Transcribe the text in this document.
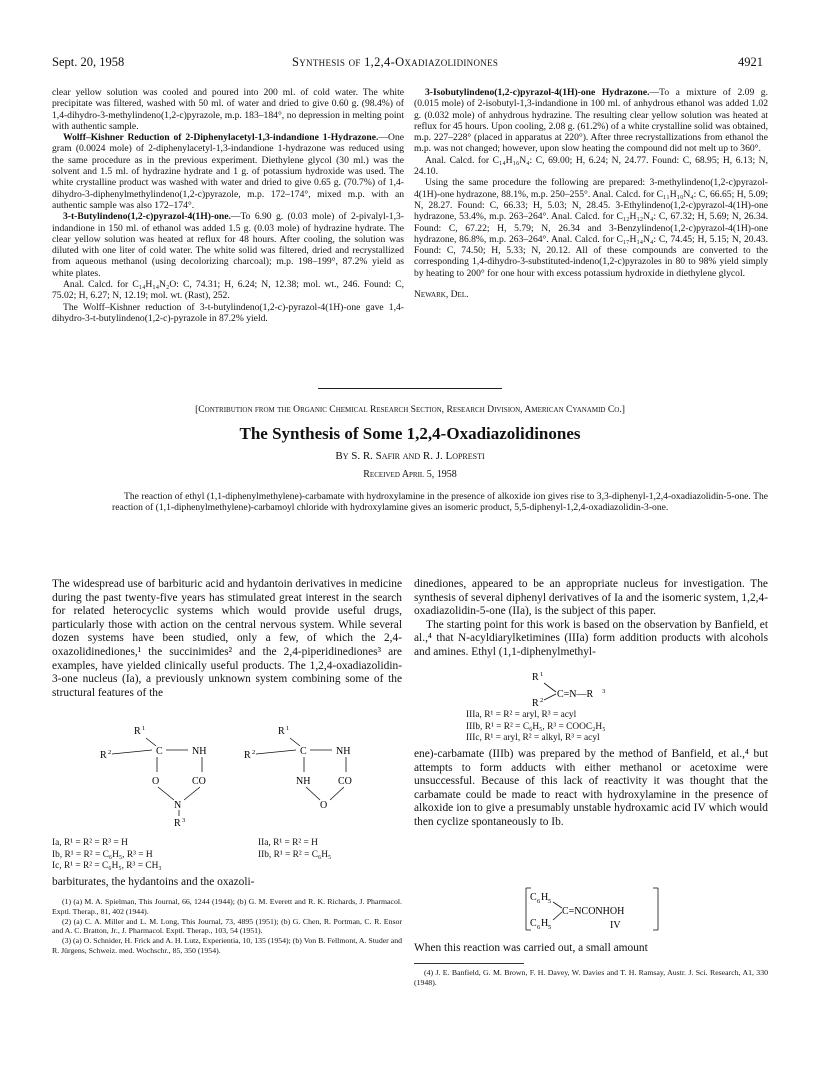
Sept. 20, 1958	Synthesis of 1,2,4-Oxadiazolidinones	4921

clear yellow solution was cooled and poured into 200 ml. of cold water. The white precipitate was filtered, washed with 50 ml. of water and dried to give 0.60 g. (98.4%) of 1,4-dihydro-3-methylindeno(1,2-c)pyrazole, m.p. 183–184°, no depression in melting point with authentic sample.

Wolff–Kishner Reduction of 2-Diphenylacetyl-1,3-indandione 1-Hydrazone.—One gram (0.0024 mole) of 2-diphenylacetyl-1,3-indandione 1-hydrazone was reduced using the same procedure as in the previous experiment. Diethylene glycol (30 ml.) was the solvent and 1.5 ml. of hydrazine hydrate and 1 g. of potassium hydroxide was used. The white crystalline product was washed with water and dried to give 0.65 g. (70.7%) of 1,4-dihydro-3-diphenylmethylindeno(1,2-c)pyrazole, m.p. 172–174°, mixed m.p. with an authentic sample was also 172–174°.

3-t-Butylindeno(1,2-c)pyrazol-4(1H)-one.—To 6.90 g. (0.03 mole) of 2-pivalyl-1,3-indandione in 150 ml. of ethanol was added 1.5 g. (0.03 mole) of hydrazine hydrate. The clear yellow solution was heated at reflux for 48 hours. After cooling, the solution was diluted with one liter of cold water. The white solid was filtered, dried and recrystallized from aqueous methanol (using decolorizing charcoal); m.p. 198–199°, 87.2% yield as white plates.

Anal. Calcd. for C₁₄H₁₄N₂O: C, 74.31; H, 6.24; N, 12.38; mol. wt., 246. Found: C, 75.02; H, 6.27; N, 12.19; mol. wt. (Rast), 252.

The Wolff–Kishner reduction of 3-t-butylindeno(1,2-c)-pyrazol-4(1H)-one gave 1,4-dihydro-3-t-butylindeno(1,2-c)-pyrazole in 87.2% yield.

3-Isobutylindeno(1,2-c)pyrazol-4(1H)-one Hydrazone.—To a mixture of 2.09 g. (0.015 mole) of 2-isobutyl-1,3-indandione in 100 ml. of anhydrous ethanol was added 1.02 g. (0.032 mole) of anhydrous hydrazine. The resulting clear yellow solution was heated at reflux for 45 hours. Upon cooling, 2.08 g. (61.2%) of a white crystalline solid was obtained, m.p. 227–228° (placed in apparatus at 220°). After three recrystallizations from ethanol the m.p. was not changed; however, upon slow heating the compound did not melt up to 360°.

Anal. Calcd. for C₁₄H₁₆N₄: C, 69.00; H, 6.24; N, 24.77. Found: C, 68.95; H, 6.13; N, 24.10.

Using the same procedure the following are prepared: 3-methylindeno(1,2-c)pyrazol-4(1H)-one hydrazone, 88.1%, m.p. 250–255°. Anal. Calcd. for C₁₁H₁₀N₄: C, 66.65; H, 5.09; N, 28.27. Found: C, 66.33; H, 5.03; N, 28.45. 3-Ethylindeno(1,2-c)pyrazol-4(1H)-one hydrazone, 53.4%, m.p. 263–264°. Anal. Calcd. for C₁₂H₁₂N₄: C, 67.32; H, 5.69; N, 26.34. Found: C, 67.22; H, 5.79; N, 26.34 and 3-Benzylindeno(1,2-c)pyrazol-4(1H)-one hydrazone, 86.8%, m.p. 263–264°. Anal. Calcd. for C₁₇H₁₄N₄: C, 74.45; H, 5.15; N, 20.43. Found: C, 74.50; H, 5.33; N, 20.12. All of these compounds are converted to the corresponding 1,4-dihydro-3-substituted-indeno(1,2-c)pyrazoles in 80 to 98% yield simply by heating to 200° for one hour with excess potassium hydroxide in diethylene glycol.

Newark, Del.

[Contribution from the Organic Chemical Research Section, Research Division, American Cyanamid Co.]
The Synthesis of Some 1,2,4-Oxadiazolidinones
By S. R. Safir and R. J. Lopresti
Received April 5, 1958
The reaction of ethyl (1,1-diphenylmethylene)-carbamate with hydroxylamine in the presence of alkoxide ion gives rise to 3,3-diphenyl-1,2,4-oxadiazolidin-5-one. The reaction of (1,1-diphenylmethylene)-carbamoyl chloride with hydroxylamine gives an isomeric product, 5,5-diphenyl-1,2,4-oxadiazolidin-3-one.
The widespread use of barbituric acid and hydantoin derivatives in medicine during the past twenty-five years has stimulated great interest in the search for related heterocyclic systems which would provide useful drugs, particularly those with action on the central nervous system. While several dozen systems have been studied, only a few, of which the 2,4-oxazolidinediones,¹ the succinimides² and the 2,4-piperidinediones³ are examples, have yielded clinically useful products. The 1,2,4-oxadiazolidin-3-one nucleus (Ia), a previously unknown system combining some of the structural features of the
R 1
R 2	C	NH
O	CO
N
R 3
R 1
R 2	C	NH
NH	CO
O
Ia, R¹ = R² = R³ = H
Ib, R¹ = R² = C₆H₅, R³ = H
Ic, R¹ = R² = C₆H₅, R³ = CH₃
IIa, R¹ = R² = H
IIb, R¹ = R² = C₆H₅
barbiturates, the hydantoins and the oxazoli-

(1) (a) M. A. Spielman, This Journal, 66, 1244 (1944); (b) G. M. Everett and R. K. Richards, J. Pharmacol. Exptl. Therap., 81, 402 (1944).

(2) (a) C. A. Miller and L. M. Long, This Journal, 73, 4895 (1951); (b) G. Chen, R. Portman, C. R. Ensor and A. C. Bratton, Jr., J. Pharmacol. Exptl. Therap., 103, 54 (1951).

(3) (a) O. Schnider, H. Frick and A. H. Lutz, Experientia, 10, 135 (1954); (b) Von B. Fellmont, A. Studer and R. Jürgens, Schweiz. med. Wochschr., 85, 350 (1954).

dinediones, appeared to be an appropriate nucleus for investigation. The synthesis of several diphenyl derivatives of Ia and the isomeric system, 1,2,4-oxadiazolidin-5-one (IIa), is the subject of this paper.

The starting point for this work is based on the observation by Banfield, et al.,⁴ that N-acyldiarylketimines (IIIa) form addition products with alcohols and amines. Ethyl (1,1-diphenylmethyl-

R 1
R 2
C=N—R 3
IIIa, R¹ = R² = aryl, R³ = acyl
IIIb, R¹ = R² = C₆H₅, R³ = COOC₂H₅
IIIc, R¹ = aryl, R² = alkyl, R³ = acyl

ene)-carbamate (IIIb) was prepared by the method of Banfield, et al.,⁴ but attempts to form adducts with either methanol or acetoxime were unsuccessful. Because of this lack of reactivity it was thought that the carbamate could be made to react with hydroxylamine in the presence of alkoxide ion to give a presumably unstable hydroxamic acid IV which would then cyclize spontaneously to Ib.

C 6 H 5
C 6 H 5
C=NCONHOH
IV

When this reaction was carried out, a small amount

(4) J. E. Banfield, G. M. Brown, F. H. Davey, W. Davies and T. H. Ramsay, Austr. J. Sci. Research, A1, 330 (1948).
